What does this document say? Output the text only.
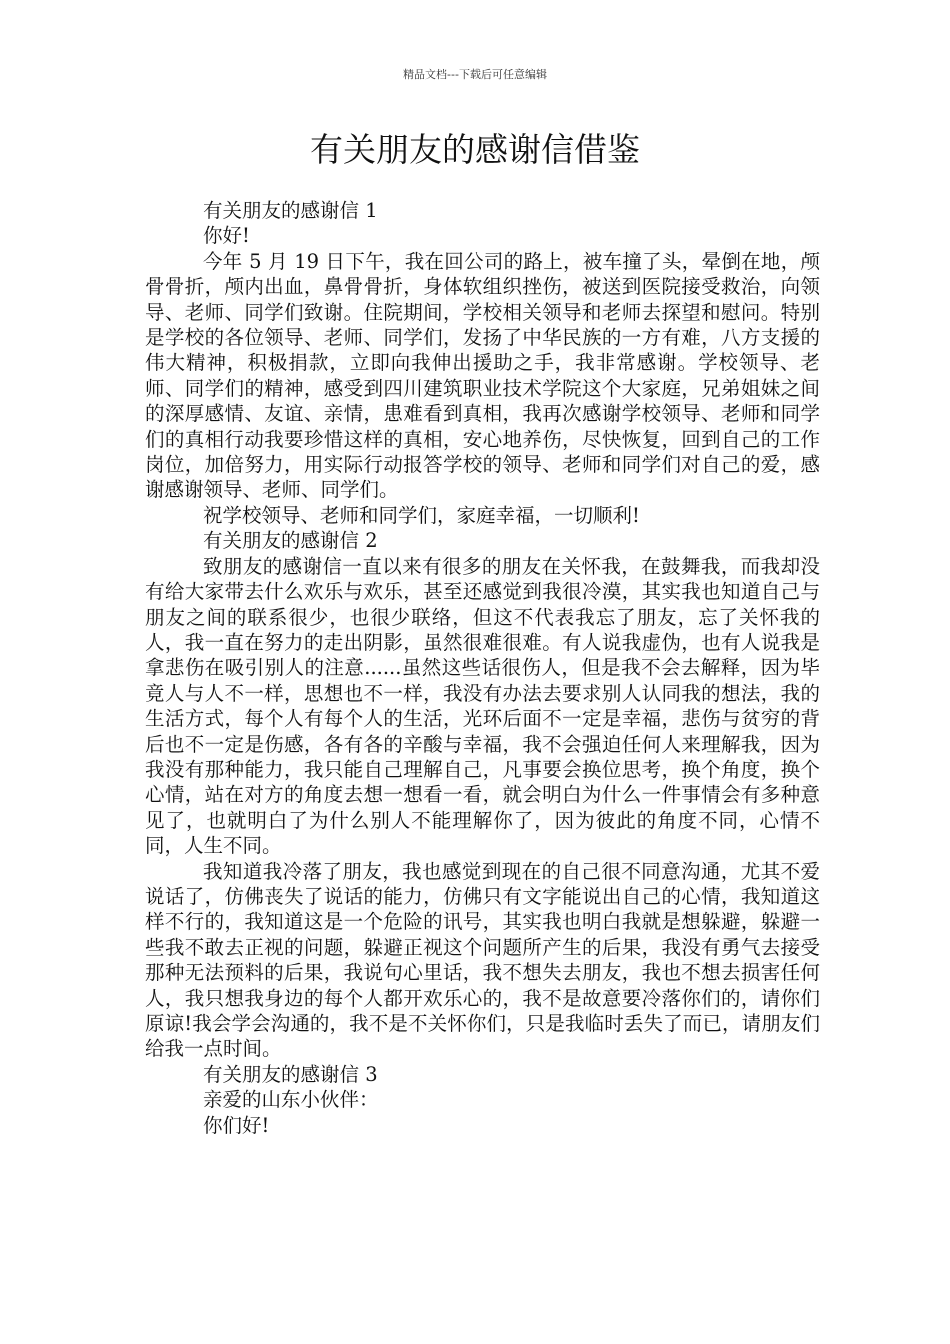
精品文档---下载后可任意编辑
有关朋友的感谢信借鉴

有关朋友的感谢信 1

你好!

今年 5 月 19 日下午，我在回公司的路上，被车撞了头，晕倒在地，颅骨骨折，颅内出血，鼻骨骨折，身体软组织挫伤，被送到医院接受救治，向领导、老师、同学们致谢。住院期间，学校相关领导和老师去探望和慰问。特别是学校的各位领导、老师、同学们，发扬了中华民族的一方有难，八方支援的伟大精神，积极捐款，立即向我伸出援助之手，我非常感谢。学校领导、老师、同学们的精神，感受到四川建筑职业技术学院这个大家庭，兄弟姐妹之间的深厚感情、友谊、亲情，患难看到真相，我再次感谢学校领导、老师和同学们的真相行动我要珍惜这样的真相，安心地养伤，尽快恢复，回到自己的工作岗位，加倍努力，用实际行动报答学校的领导、老师和同学们对自己的爱，感谢感谢领导、老师、同学们。

祝学校领导、老师和同学们，家庭幸福，一切顺利!

有关朋友的感谢信 2

致朋友的感谢信一直以来有很多的朋友在关怀我，在鼓舞我，而我却没有给大家带去什么欢乐与欢乐，甚至还感觉到我很冷漠，其实我也知道自己与朋友之间的联系很少，也很少联络，但这不代表我忘了朋友，忘了关怀我的人，我一直在努力的走出阴影，虽然很难很难。有人说我虚伪，也有人说我是拿悲伤在吸引别人的注意......虽然这些话很伤人，但是我不会去解释，因为毕竟人与人不一样，思想也不一样，我没有办法去要求别人认同我的想法，我的生活方式，每个人有每个人的生活，光环后面不一定是幸福，悲伤与贫穷的背后也不一定是伤感，各有各的辛酸与幸福，我不会强迫任何人来理解我，因为我没有那种能力，我只能自己理解自己，凡事要会换位思考，换个角度，换个心情，站在对方的角度去想一想看一看，就会明白为什么一件事情会有多种意见了，也就明白了为什么别人不能理解你了，因为彼此的角度不同，心情不同，人生不同。

我知道我冷落了朋友，我也感觉到现在的自己很不同意沟通，尤其不爱说话了，仿佛丧失了说话的能力，仿佛只有文字能说出自己的心情，我知道这样不行的，我知道这是一个危险的讯号，其实我也明白我就是想躲避，躲避一些我不敢去正视的问题，躲避正视这个问题所产生的后果，我没有勇气去接受那种无法预料的后果，我说句心里话，我不想失去朋友，我也不想去损害任何人，我只想我身边的每个人都开欢乐心的，我不是故意要冷落你们的，请你们原谅!我会学会沟通的，我不是不关怀你们，只是我临时丢失了而已，请朋友们给我一点时间。

有关朋友的感谢信 3

亲爱的山东小伙伴：

你们好!
